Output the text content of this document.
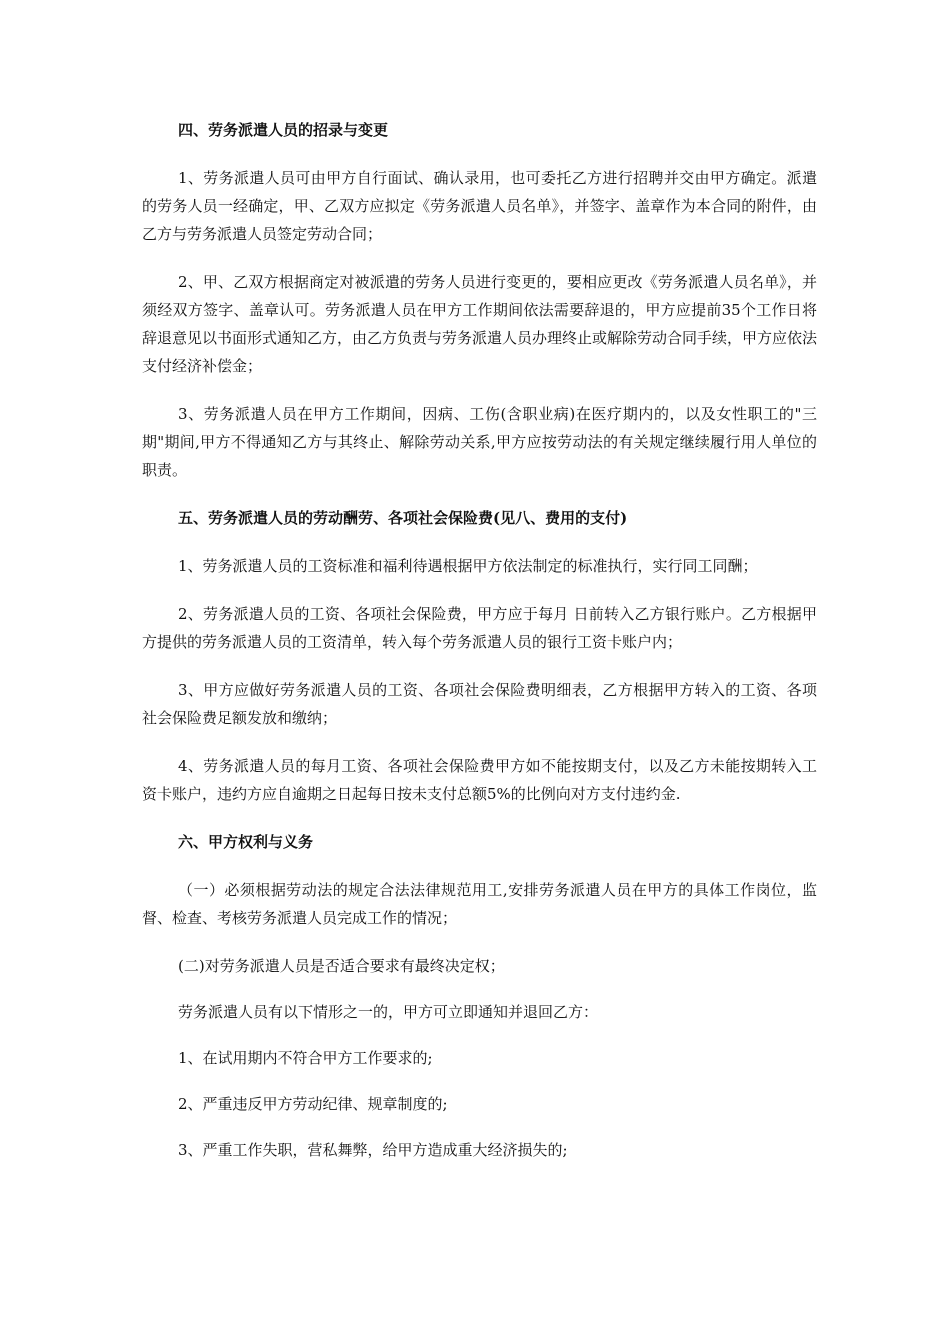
四、劳务派遣人员的招录与变更

1、劳务派遣人员可由甲方自行面试、确认录用，也可委托乙方进行招聘并交由甲方确定。派遣的劳务人员一经确定，甲、乙双方应拟定《劳务派遣人员名单》，并签字、盖章作为本合同的附件，由乙方与劳务派遣人员签定劳动合同；

2、甲、乙双方根据商定对被派遣的劳务人员进行变更的，要相应更改《劳务派遣人员名单》，并须经双方签字、盖章认可。劳务派遣人员在甲方工作期间依法需要辞退的，甲方应提前35个工作日将辞退意见以书面形式通知乙方，由乙方负责与劳务派遣人员办理终止或解除劳动合同手续，甲方应依法支付经济补偿金；

3、劳务派遣人员在甲方工作期间，因病、工伤(含职业病)在医疗期内的，以及女性职工的"三期"期间,甲方不得通知乙方与其终止、解除劳动关系,甲方应按劳动法的有关规定继续履行用人单位的职责。

五、劳务派遣人员的劳动酬劳、各项社会保险费(见八、费用的支付)

1、劳务派遣人员的工资标准和福利待遇根据甲方依法制定的标准执行，实行同工同酬；

2、劳务派遣人员的工资、各项社会保险费，甲方应于每月 日前转入乙方银行账户。乙方根据甲方提供的劳务派遣人员的工资清单，转入每个劳务派遣人员的银行工资卡账户内；

3、甲方应做好劳务派遣人员的工资、各项社会保险费明细表，乙方根据甲方转入的工资、各项社会保险费足额发放和缴纳；

4、劳务派遣人员的每月工资、各项社会保险费甲方如不能按期支付，以及乙方未能按期转入工资卡账户，违约方应自逾期之日起每日按未支付总额5%的比例向对方支付违约金.

六、甲方权利与义务

（一）必须根据劳动法的规定合法法律规范用工,安排劳务派遣人员在甲方的具体工作岗位，监督、检查、考核劳务派遣人员完成工作的情况；

(二)对劳务派遣人员是否适合要求有最终决定权；

劳务派遣人员有以下情形之一的，甲方可立即通知并退回乙方：

1、在试用期内不符合甲方工作要求的;

2、严重违反甲方劳动纪律、规章制度的;

3、严重工作失职，营私舞弊，给甲方造成重大经济损失的;
